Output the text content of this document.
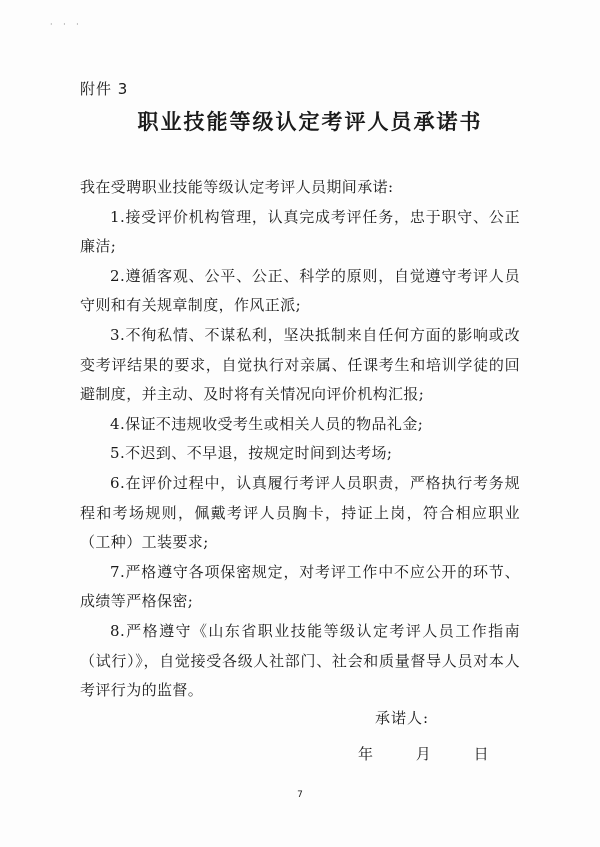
· · ·
附件 3
职业技能等级认定考评人员承诺书

我在受聘职业技能等级认定考评人员期间承诺:

1.接受评价机构管理，认真完成考评任务，忠于职守、公正廉洁;

2.遵循客观、公平、公正、科学的原则，自觉遵守考评人员守则和有关规章制度，作风正派;

3.不徇私情、不谋私利，坚决抵制来自任何方面的影响或改变考评结果的要求，自觉执行对亲属、任课考生和培训学徒的回避制度，并主动、及时将有关情况向评价机构汇报;

4.保证不违规收受考生或相关人员的物品礼金;

5.不迟到、不早退，按规定时间到达考场;

6.在评价过程中，认真履行考评人员职责，严格执行考务规 程和考场规则，佩戴考评人员胸卡，持证上岗，符合相应职业（工种）工装要求;

7.严格遵守各项保密规定，对考评工作中不应公开的环节、成绩等严格保密;

8.严格遵守《山东省职业技能等级认定考评人员工作指南（试行）》，自觉接受各级人社部门、社会和质量督导人员对本人考评行为的监督。

承诺人:
年	月	日
7
